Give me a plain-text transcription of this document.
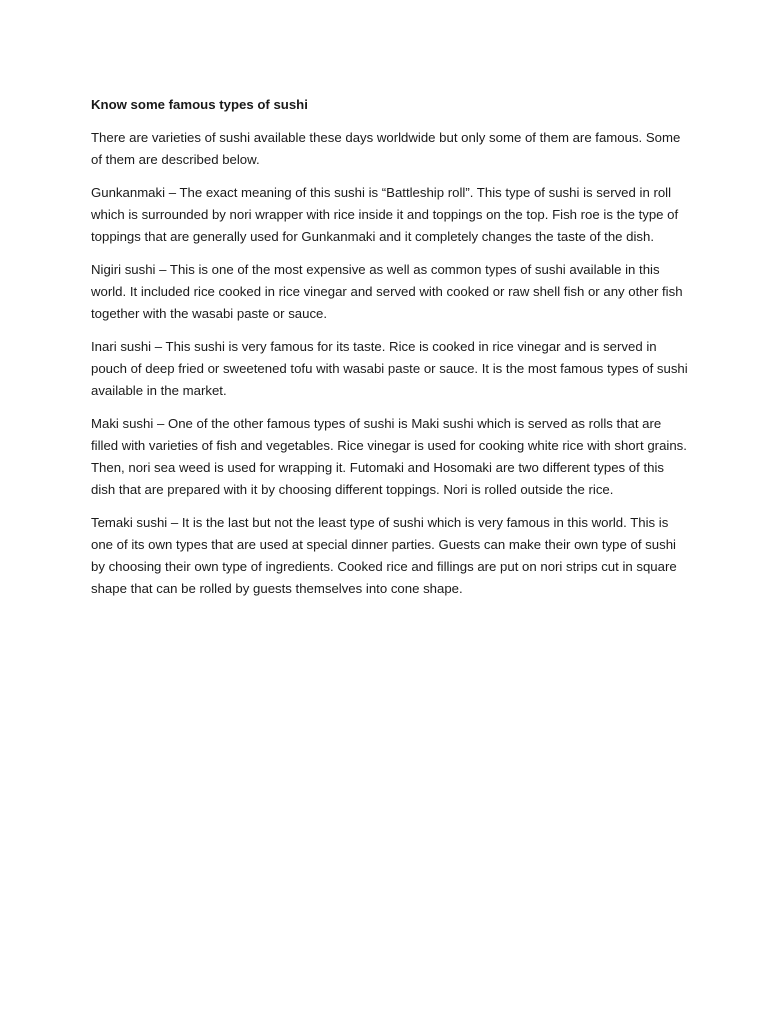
Know some famous types of sushi

There are varieties of sushi available these days worldwide but only some of them are famous. Some of them are described below.

Gunkanmaki – The exact meaning of this sushi is “Battleship roll”. This type of sushi is served in roll which is surrounded by nori wrapper with rice inside it and toppings on the top. Fish roe is the type of toppings that are generally used for Gunkanmaki and it completely changes the taste of the dish.

Nigiri sushi – This is one of the most expensive as well as common types of sushi available in this world. It included rice cooked in rice vinegar and served with cooked or raw shell fish or any other fish together with the wasabi paste or sauce.

Inari sushi – This sushi is very famous for its taste. Rice is cooked in rice vinegar and is served in pouch of deep fried or sweetened tofu with wasabi paste or sauce. It is the most famous types of sushi available in the market.

Maki sushi – One of the other famous types of sushi is Maki sushi which is served as rolls that are filled with varieties of fish and vegetables. Rice vinegar is used for cooking white rice with short grains. Then, nori sea weed is used for wrapping it. Futomaki and Hosomaki are two different types of this dish that are prepared with it by choosing different toppings. Nori is rolled outside the rice.

Temaki sushi – It is the last but not the least type of sushi which is very famous in this world. This is one of its own types that are used at special dinner parties. Guests can make their own type of sushi by choosing their own type of ingredients. Cooked rice and fillings are put on nori strips cut in square shape that can be rolled by guests themselves into cone shape.
